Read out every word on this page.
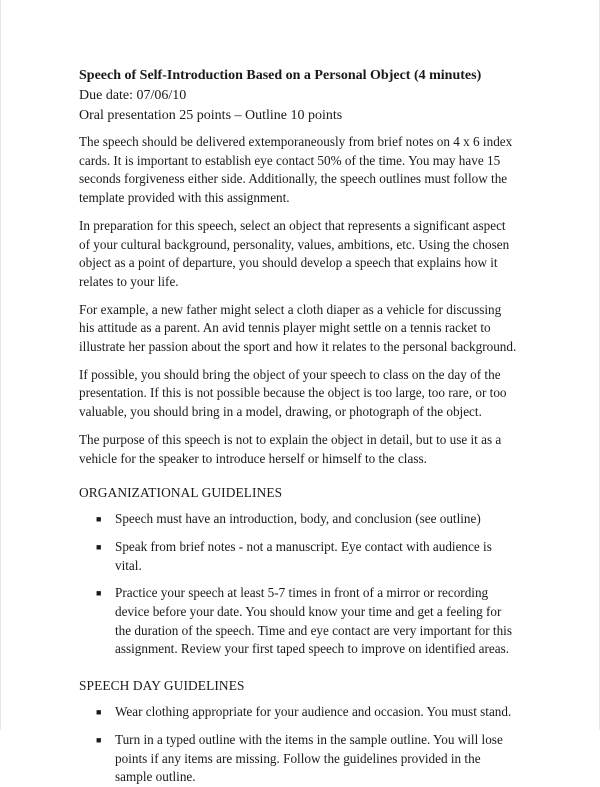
Speech of Self-Introduction Based on a Personal Object (4 minutes)

Due date: 07/06/10

Oral presentation 25 points – Outline 10 points

The speech should be delivered extemporaneously from brief notes on 4 x 6 index cards. It is important to establish eye contact 50% of the time. You may have 15 seconds forgiveness either side. Additionally, the speech outlines must follow the template provided with this assignment.

In preparation for this speech, select an object that represents a significant aspect of your cultural background, personality, values, ambitions, etc. Using the chosen object as a point of departure, you should develop a speech that explains how it relates to your life.

For example, a new father might select a cloth diaper as a vehicle for discussing his attitude as a parent. An avid tennis player might settle on a tennis racket to illustrate her passion about the sport and how it relates to the personal background.

If possible, you should bring the object of your speech to class on the day of the presentation. If this is not possible because the object is too large, too rare, or too valuable, you should bring in a model, drawing, or photograph of the object.

The purpose of this speech is not to explain the object in detail, but to use it as a vehicle for the speaker to introduce herself or himself to the class.

ORGANIZATIONAL GUIDELINES

■ Speech must have an introduction, body, and conclusion (see outline)
■ Speak from brief notes - not a manuscript. Eye contact with audience is vital.
■ Practice your speech at least 5-7 times in front of a mirror or recording device before your date. You should know your time and get a feeling for the duration of the speech. Time and eye contact are very important for this assignment. Review your first taped speech to improve on identified areas.

SPEECH DAY GUIDELINES

■ Wear clothing appropriate for your audience and occasion. You must stand.
■ Turn in a typed outline with the items in the sample outline. You will lose points if any items are missing. Follow the guidelines provided in the sample outline.
